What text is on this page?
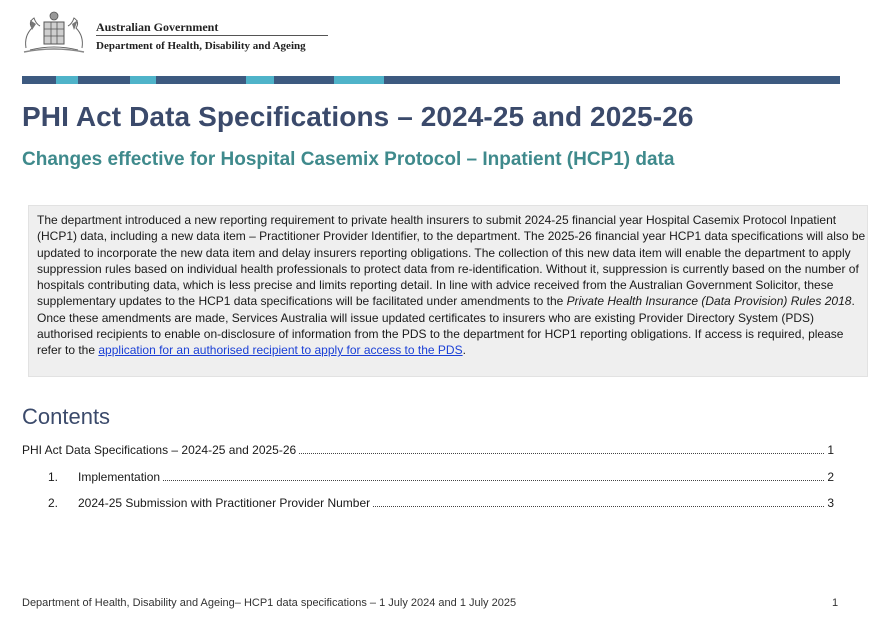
Australian Government
Department of Health, Disability and Ageing
PHI Act Data Specifications – 2024-25 and 2025-26
Changes effective for Hospital Casemix Protocol – Inpatient (HCP1) data

The department introduced a new reporting requirement to private health insurers to submit 2024-25 financial year Hospital Casemix Protocol Inpatient (HCP1) data, including a new data item – Practitioner Provider Identifier, to the department. The 2025-26 financial year HCP1 data specifications will also be updated to incorporate the new data item and delay insurers reporting obligations. The collection of this new data item will enable the department to apply suppression rules based on individual health professionals to protect data from re-identification. Without it, suppression is currently based on the number of hospitals contributing data, which is less precise and limits reporting detail. In line with advice received from the Australian Government Solicitor, these supplementary updates to the HCP1 data specifications will be facilitated under amendments to the Private Health Insurance (Data Provision) Rules 2018. Once these amendments are made, Services Australia will issue updated certificates to insurers who are existing Provider Directory System (PDS) authorised recipients to enable on-disclosure of information from the PDS to the department for HCP1 reporting obligations. If access is required, please refer to the application for an authorised recipient to apply for access to the PDS.

Contents
PHI Act Data Specifications – 2024-25 and 2025-26	1
1.	Implementation	2
2.	2024-25 Submission with Practitioner Provider Number	3
Department of Health, Disability and Ageing– HCP1 data specifications – 1 July 2024 and 1 July 2025	1
